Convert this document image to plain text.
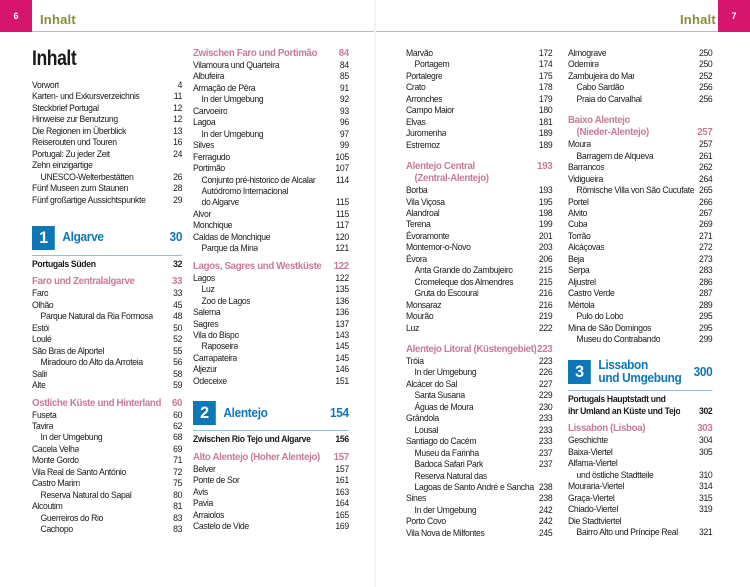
6	Inhalt	Inhalt	7
Inhalt
Vorwort	4
Karten- und Exkursverzeichnis	11
Steckbrief Portugal	12
Hinweise zur Benutzung	12
Die Regionen im Überblick	13
Reiserouten und Touren	16
Portugal: Zu jeder Zeit	24
Zehn einzigartige
UNESCO-Welterbestätten	26
Fünf Museen zum Staunen	28
Fünf großartige Aussichtspunkte	29
1	Algarve	30
Portugals Süden	32
Faro und Zentralalgarve	33
Faro	33
Olhão	45
Parque Natural da Ria Formosa 48
Estói	50
Loulé	52
São Bras de Alportel	55
Miradouro do Alto da Arroteia	56
Salir	58
Alte	59
Östliche Küste und Hinterland 60
Fuseta	60
Tavira	62
In der Umgebung	68
Cacela Velha	69
Monte Gordo	71
Vila Real de Santo António	72
Castro Marim	75
Reserva Natural do Sapal	80
Alcoutim	81
Guerreiros do Rio	83
Cachopo	83
Zwischen Faro und Portimão 84
Vilamoura und Quarteira	84
Albufeira	85
Armação de Pêra	91
In der Umgebung	92
Carvoeiro	93
Lagoa	96
In der Umgebung	97
Silves	99
Ferragudo	105
Portimão	107
Conjunto pré-historico de Alcalar 114
Autódromo Internacional
do Algarve	115
Alvor	115
Monchique	117
Caldas de Monchique	120
Parque da Mina	121
Lagos, Sagres und Westküste 122
Lagos	122
Luz	135
Zoo de Lagos	136
Salema	136
Sagres	137
Vila do Bispo	143
Raposeira	145
Carrapateira	145
Aljezur	146
Odeceixe	151
2	Alentejo	154
Zwischen Rio Tejo und Algarve	156
Alto Alentejo (Hoher Alentejo) 157
Belver	157
Ponte de Sor	161
Avis	163
Pavia	164
Arraiolos	165
Castelo de Vide	169
Marvão	172
Portagem	174
Portalegre	175
Crato	178
Arronches	179
Campo Maior	180
Elvas	181
Juromenha	189
Estremoz	189
Alentejo Central	193
(Zentral-Alentejo)
Borba	193
Vila Viçosa	195
Alandroal	198
Terena	199
Évoramonte	201
Montemor-o-Novo	203
Évora	206
Anta Grande do Zambujeiro	215
Cromeleque dos Almendres	215
Gruta do Escoural	216
Monsaraz	216
Mourão	219
Luz	222
Alentejo Litoral (Küstengebiet) 223
Tróia	223
In der Umgebung	226
Alcácer do Sal	227
Santa Susana	229
Águas de Moura	230
Grândola	233
Lousal	233
Santiago do Cacém	233
Museu da Farinha	237
Badoca Safari Park	237
Reserva Natural das
Lagoas de Santo André e Sancha 238
Sines	238
In der Umgebung	242
Porto Covo	242
Vila Nova de Milfontes	245
Almograve	250
Odemira	250
Zambujeira do Mar	252
Cabo Sardão	256
Praia do Carvalhal	256
Baixo Alentejo
(Nieder-Alentejo)	257
Moura	257
Barragem de Alqueva	261
Barrancos	262
Vidigueira	264
Römische Villa von São Cucufate 265
Portel	266
Alvito	267
Cuba	269
Torrão	271
Alcáçovas	272
Beja	273
Serpa	283
Aljustrel	286
Castro Verde	287
Mértola	289
Pulo do Lobo	295
Mina de São Domingos	295
Museu do Contrabando	299
3	Lissabon
und Umgebung 300
Portugals Hauptstadt und
ihr Umland an Küste und Tejo 302
Lissabon (Lisboa)	303
Geschichte	304
Baixa-Viertel	305
Alfama-Viertel
und östliche Stadtteile	310
Mouraria-Viertel	314
Graça-Viertel	315
Chiado-Viertel	319
Die Stadtviertel
Bairro Alto und Príncipe Real 321
